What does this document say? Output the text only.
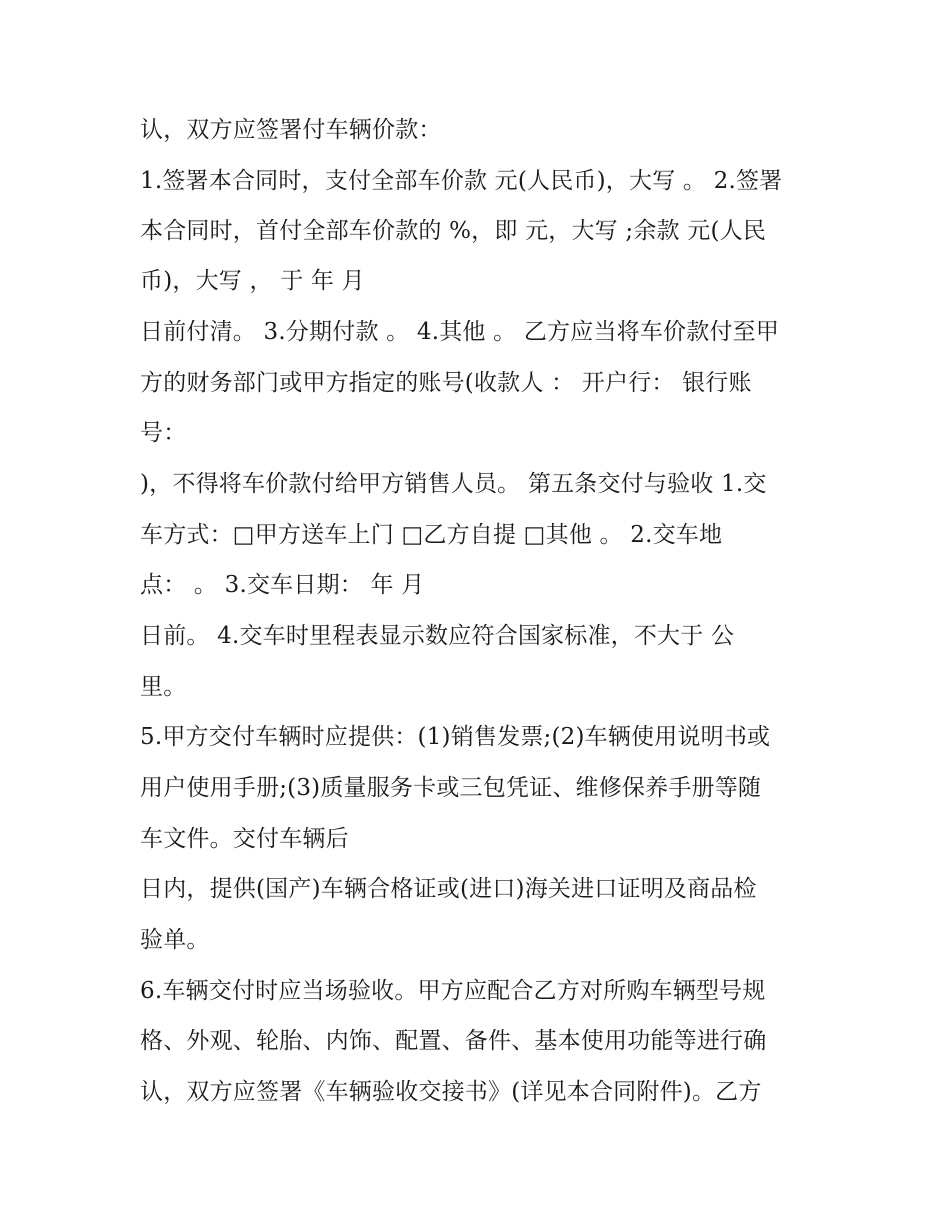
认，双方应签署付车辆价款：
1.签署本合同时，支付全部车价款 元(人民币)，大写 。 2.签署
本合同时，首付全部车价款的 %，即 元，大写 ;余款 元(人民
币)，大写 ， 于 年 月
日前付清。 3.分期付款 。 4.其他 。 乙方应当将车价款付至甲
方的财务部门或甲方指定的账号(收款人 ： 开户行： 银行账
号：
)，不得将车价款付给甲方销售人员。 第五条交付与验收 1.交
车方式：□甲方送车上门 □乙方自提 □其他 。 2.交车地
点： 。 3.交车日期： 年 月
日前。 4.交车时里程表显示数应符合国家标准，不大于 公
里。
5.甲方交付车辆时应提供：(1)销售发票;(2)车辆使用说明书或
用户使用手册;(3)质量服务卡或三包凭证、维修保养手册等随
车文件。交付车辆后
日内，提供(国产)车辆合格证或(进口)海关进口证明及商品检
验单。
6.车辆交付时应当场验收。甲方应配合乙方对所购车辆型号规
格、外观、轮胎、内饰、配置、备件、基本使用功能等进行确
认，双方应签署《车辆验收交接书》(详见本合同附件)。乙方
